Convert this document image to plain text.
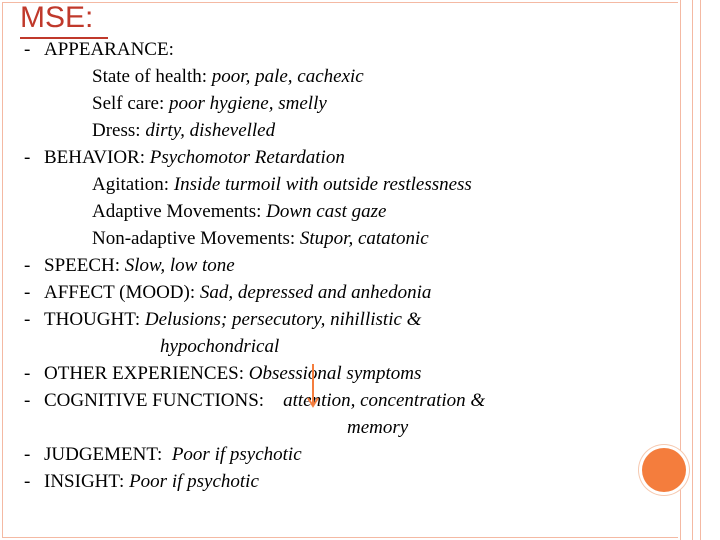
MSE:
- APPEARANCE:
State of health: poor, pale, cachexic
Self care: poor hygiene, smelly
Dress: dirty, dishevelled
- BEHAVIOR: Psychomotor Retardation
Agitation: Inside turmoil with outside restlessness
Adaptive Movements: Down cast gaze
Non-adaptive Movements: Stupor, catatonic
- SPEECH: Slow, low tone
- AFFECT (MOOD): Sad, depressed and anhedonia
- THOUGHT: Delusions; persecutory, nihillistic &
hypochondrical
- OTHER EXPERIENCES: Obsessional symptoms
- COGNITIVE FUNCTIONS:    attention, concentration &
memory
- JUDGEMENT:  Poor if psychotic
- INSIGHT: Poor if psychotic
